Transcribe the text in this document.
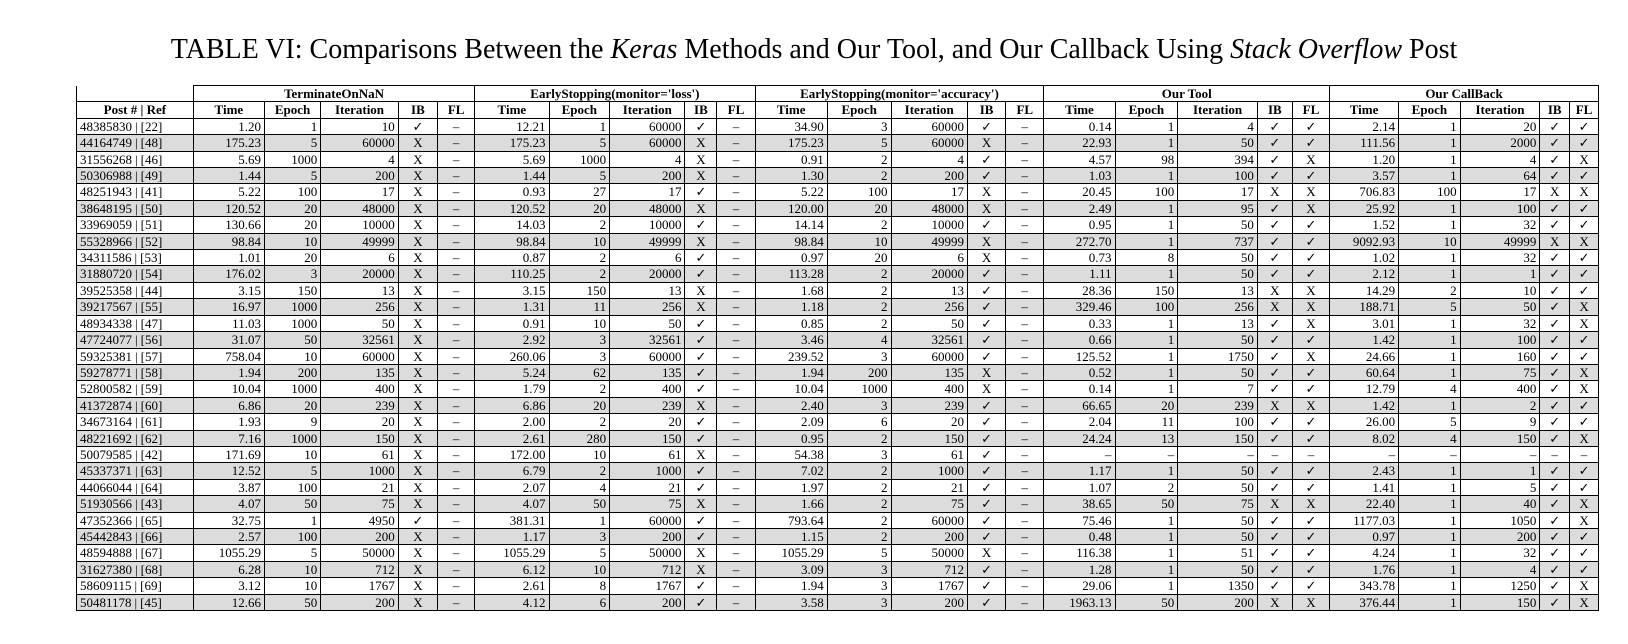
TABLE VI: Comparisons Between the Keras Methods and Our Tool, and Our Callback Using Stack Overflow Post
	TerminateOnNaN					EarlyStopping(monitor='loss')					EarlyStopping(monitor='accuracy')					Our Tool					Our CallBack				
Post # | Ref	Time	Epoch	Iteration	IB	FL	Time	Epoch	Iteration	IB	FL	Time	Epoch	Iteration	IB	FL	Time	Epoch	Iteration	IB	FL	Time	Epoch	Iteration	IB	FL
48385830 | [22]	1.20	1	10	✓	–	12.21	1	60000	✓	–	34.90	3	60000	✓	–	0.14	1	4	✓	✓	2.14	1	20	✓	✓
44164749 | [48]	175.23	5	60000	X	–	175.23	5	60000	X	–	175.23	5	60000	X	–	22.93	1	50	✓	✓	111.56	1	2000	✓	✓
31556268 | [46]	5.69	1000	4	X	–	5.69	1000	4	X	–	0.91	2	4	✓	–	4.57	98	394	✓	X	1.20	1	4	✓	X
50306988 | [49]	1.44	5	200	X	–	1.44	5	200	X	–	1.30	2	200	✓	–	1.03	1	100	✓	✓	3.57	1	64	✓	✓
48251943 | [41]	5.22	100	17	X	–	0.93	27	17	✓	–	5.22	100	17	X	–	20.45	100	17	X	X	706.83	100	17	X	X
38648195 | [50]	120.52	20	48000	X	–	120.52	20	48000	X	–	120.00	20	48000	X	–	2.49	1	95	✓	X	25.92	1	100	✓	✓
33969059 | [51]	130.66	20	10000	X	–	14.03	2	10000	✓	–	14.14	2	10000	✓	–	0.95	1	50	✓	✓	1.52	1	32	✓	✓
55328966 | [52]	98.84	10	49999	X	–	98.84	10	49999	X	–	98.84	10	49999	X	–	272.70	1	737	✓	✓	9092.93	10	49999	X	X
34311586 | [53]	1.01	20	6	X	–	0.87	2	6	✓	–	0.97	20	6	X	–	0.73	8	50	✓	✓	1.02	1	32	✓	✓
31880720 | [54]	176.02	3	20000	X	–	110.25	2	20000	✓	–	113.28	2	20000	✓	–	1.11	1	50	✓	✓	2.12	1	1	✓	✓
39525358 | [44]	3.15	150	13	X	–	3.15	150	13	X	–	1.68	2	13	✓	–	28.36	150	13	X	X	14.29	2	10	✓	✓
39217567 | [55]	16.97	1000	256	X	–	1.31	11	256	X	–	1.18	2	256	✓	–	329.46	100	256	X	X	188.71	5	50	✓	X
48934338 | [47]	11.03	1000	50	X	–	0.91	10	50	✓	–	0.85	2	50	✓	–	0.33	1	13	✓	X	3.01	1	32	✓	X
47724077 | [56]	31.07	50	32561	X	–	2.92	3	32561	✓	–	3.46	4	32561	✓	–	0.66	1	50	✓	✓	1.42	1	100	✓	✓
59325381 | [57]	758.04	10	60000	X	–	260.06	3	60000	✓	–	239.52	3	60000	✓	–	125.52	1	1750	✓	X	24.66	1	160	✓	✓
59278771 | [58]	1.94	200	135	X	–	5.24	62	135	✓	–	1.94	200	135	X	–	0.52	1	50	✓	✓	60.64	1	75	✓	X
52800582 | [59]	10.04	1000	400	X	–	1.79	2	400	✓	–	10.04	1000	400	X	–	0.14	1	7	✓	✓	12.79	4	400	✓	X
41372874 | [60]	6.86	20	239	X	–	6.86	20	239	X	–	2.40	3	239	✓	–	66.65	20	239	X	X	1.42	1	2	✓	✓
34673164 | [61]	1.93	9	20	X	–	2.00	2	20	✓	–	2.09	6	20	✓	–	2.04	11	100	✓	✓	26.00	5	9	✓	✓
48221692 | [62]	7.16	1000	150	X	–	2.61	280	150	✓	–	0.95	2	150	✓	–	24.24	13	150	✓	✓	8.02	4	150	✓	X
50079585 | [42]	171.69	10	61	X	–	172.00	10	61	X	–	54.38	3	61	✓	–	–	–	–	–	–	–	–	–	–	–
45337371 | [63]	12.52	5	1000	X	–	6.79	2	1000	✓	–	7.02	2	1000	✓	–	1.17	1	50	✓	✓	2.43	1	1	✓	✓
44066044 | [64]	3.87	100	21	X	–	2.07	4	21	✓	–	1.97	2	21	✓	–	1.07	2	50	✓	✓	1.41	1	5	✓	✓
51930566 | [43]	4.07	50	75	X	–	4.07	50	75	X	–	1.66	2	75	✓	–	38.65	50	75	X	X	22.40	1	40	✓	X
47352366 | [65]	32.75	1	4950	✓	–	381.31	1	60000	✓	–	793.64	2	60000	✓	–	75.46	1	50	✓	✓	1177.03	1	1050	✓	X
45442843 | [66]	2.57	100	200	X	–	1.17	3	200	✓	–	1.15	2	200	✓	–	0.48	1	50	✓	✓	0.97	1	200	✓	✓
48594888 | [67]	1055.29	5	50000	X	–	1055.29	5	50000	X	–	1055.29	5	50000	X	–	116.38	1	51	✓	✓	4.24	1	32	✓	✓
31627380 | [68]	6.28	10	712	X	–	6.12	10	712	X	–	3.09	3	712	✓	–	1.28	1	50	✓	✓	1.76	1	4	✓	✓
58609115 | [69]	3.12	10	1767	X	–	2.61	8	1767	✓	–	1.94	3	1767	✓	–	29.06	1	1350	✓	✓	343.78	1	1250	✓	X
50481178 | [45]	12.66	50	200	X	–	4.12	6	200	✓	–	3.58	3	200	✓	–	1963.13	50	200	X	X	376.44	1	150	✓	X
